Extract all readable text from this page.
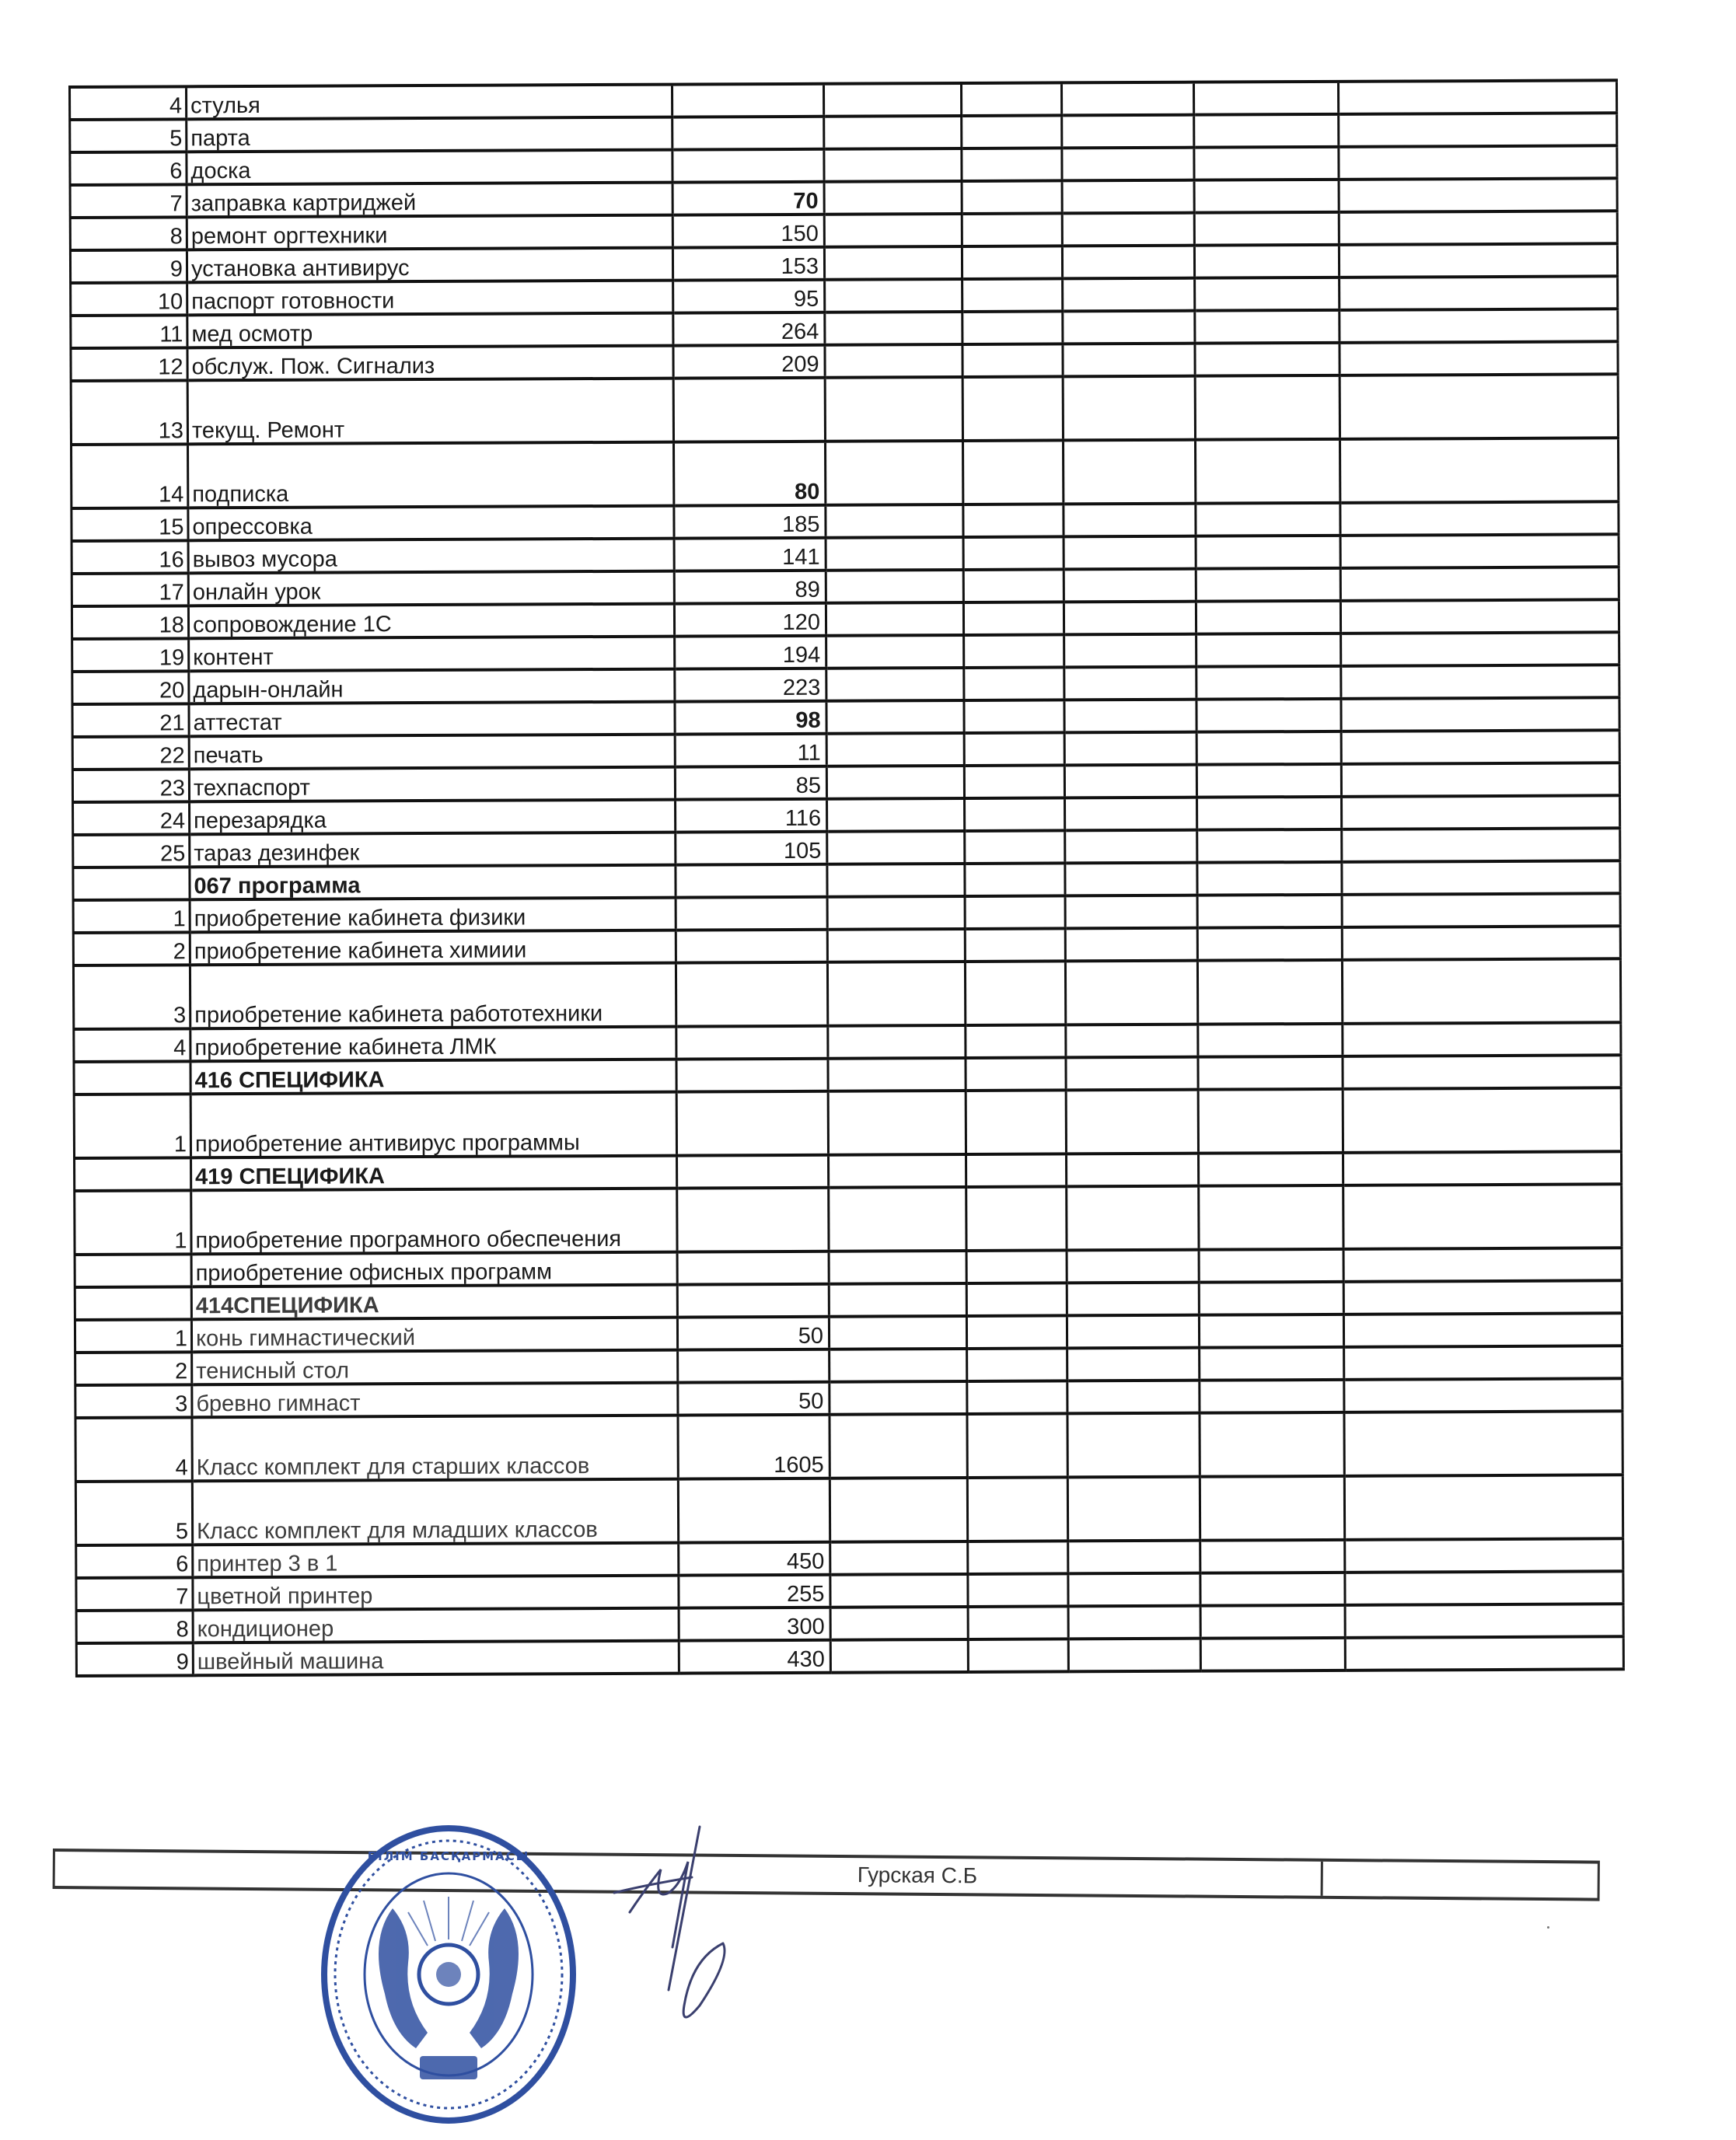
4	стулья						
5	парта						
6	доска						
7	заправка картриджей	70					
8	ремонт оргтехники	150					
9	установка антивирус	153					
10	паспорт готовности	95					
11	мед осмотр	264					
12	обслуж. Пож. Сигнализ	209					
13	текущ. Ремонт						
14	подписка	80					
15	опрессовка	185					
16	вывоз мусора	141					
17	онлайн урок	89					
18	сопровождение 1С	120					
19	контент	194					
20	дарын-онлайн	223					
21	аттестат	98					
22	печать	11					
23	техпаспорт	85					
24	перезарядка	116					
25	тараз дезинфек	105					
	067 программа						
1	приобретение кабинета физики						
2	приобретение кабинета химиии						
3	приобретение кабинета работотехники						
4	приобретение кабинета ЛМК						
	416 СПЕЦИФИКА						
1	приобретение антивирус программы						
	419 СПЕЦИФИКА						
1	приобретение програмного обеспечения						
	приобретение офисных программ						
	414СПЕЦИФИКА						
1	конь гимнастический	50					
2	тенисный стол						
3	бревно гимнаст	50					
4	Класс комплект для старших классов	1605					
5	Класс комплект для младших классов						
6	принтер 3 в 1	450					
7	цветной принтер	255					
8	кондиционер	300					
9	швейный машина	430					
Гурская С.Б
БІЛІМ БАСҚАРМАСЫ
